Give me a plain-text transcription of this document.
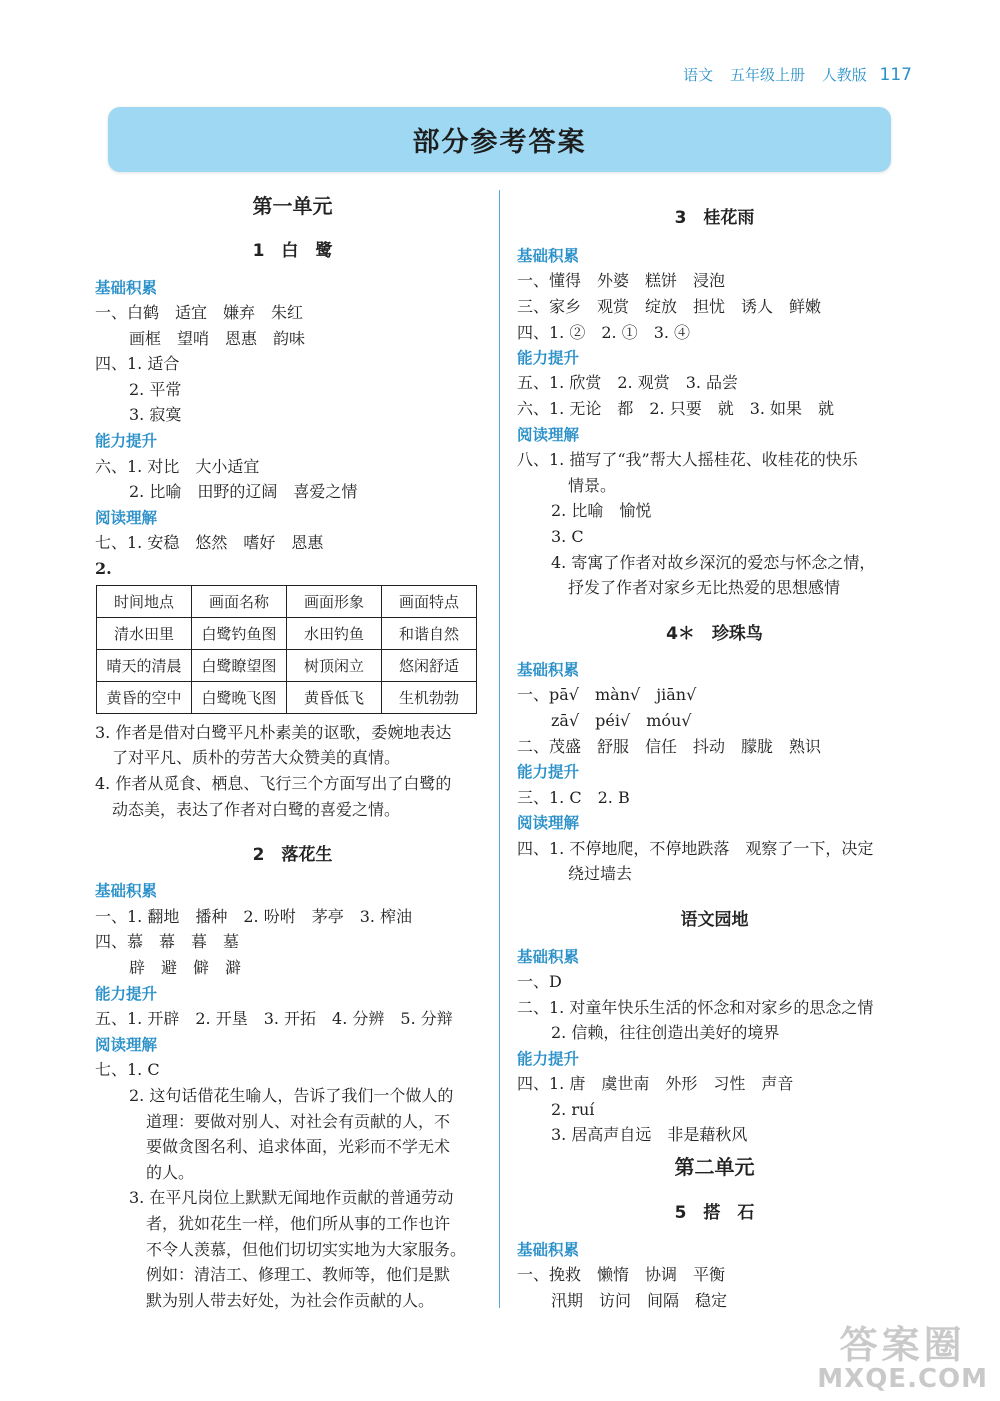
语文 五年级上册 人教版 117
部分参考答案
第一单元
1　白　鹭
基础积累
一、白鹤　适宜　嫌弃　朱红
画框　望哨　恩惠　韵味
四、1. 适合
2. 平常
3. 寂寞
能力提升
六、1. 对比　大小适宜
2. 比喻　田野的辽阔　喜爱之情
阅读理解
七、1. 安稳　悠然　嗜好　恩惠
2.
时间地点	画面名称	画面形象	画面特点
清水田里	白鹭钓鱼图	水田钓鱼	和谐自然
晴天的清晨	白鹭瞭望图	树顶闲立	悠闲舒适
黄昏的空中	白鹭晚飞图	黄昏低飞	生机勃勃
3. 作者是借对白鹭平凡朴素美的讴歌，委婉地表达
了对平凡、质朴的劳苦大众赞美的真情。
4. 作者从觅食、栖息、飞行三个方面写出了白鹭的
动态美，表达了作者对白鹭的喜爱之情。
2　落花生
基础积累
一、1. 翻地　播种　2. 吩咐　茅亭　3. 榨油
四、慕　幕　暮　墓
辟　避　僻　澼
能力提升
五、1. 开辟　2. 开垦　3. 开拓　4. 分辨　5. 分辩
阅读理解
七、1. C
2. 这句话借花生喻人，告诉了我们一个做人的
道理：要做对别人、对社会有贡献的人，不
要做贪图名利、追求体面，光彩而不学无术
的人。
3. 在平凡岗位上默默无闻地作贡献的普通劳动
者，犹如花生一样，他们所从事的工作也许
不令人羡慕，但他们切切实实地为大家服务。
例如：清洁工、修理工、教师等，他们是默
默为别人带去好处，为社会作贡献的人。
3　桂花雨
基础积累
一、懂得　外婆　糕饼　浸泡
三、家乡　观赏　绽放　担忧　诱人　鲜嫩
四、1. ②　2. ①　3. ④
能力提升
五、1. 欣赏　2. 观赏　3. 品尝
六、1. 无论　都　2. 只要　就　3. 如果　就
阅读理解
八、1. 描写了“我”帮大人摇桂花、收桂花的快乐
情景。
2. 比喻　愉悦
3. C
4. 寄寓了作者对故乡深沉的爱恋与怀念之情，
抒发了作者对家乡无比热爱的思想感情
4＊　珍珠鸟
基础积累
一、pā√　màn√　jiān√
zā√　péi√　móu√
二、茂盛　舒服　信任　抖动　朦胧　熟识
能力提升
三、1. C　2. B
阅读理解
四、1. 不停地爬，不停地跌落　观察了一下，决定
绕过墙去
语文园地
基础积累
一、D
二、1. 对童年快乐生活的怀念和对家乡的思念之情
2. 信赖，往往创造出美好的境界
能力提升
四、1. 唐　虞世南　外形　习性　声音
2. ruí
3. 居高声自远　非是藉秋风
第二单元
5　搭　石
基础积累
一、挽救　懒惰　协调　平衡
汛期　访问　间隔　稳定
答案圈
MXQE.COM
